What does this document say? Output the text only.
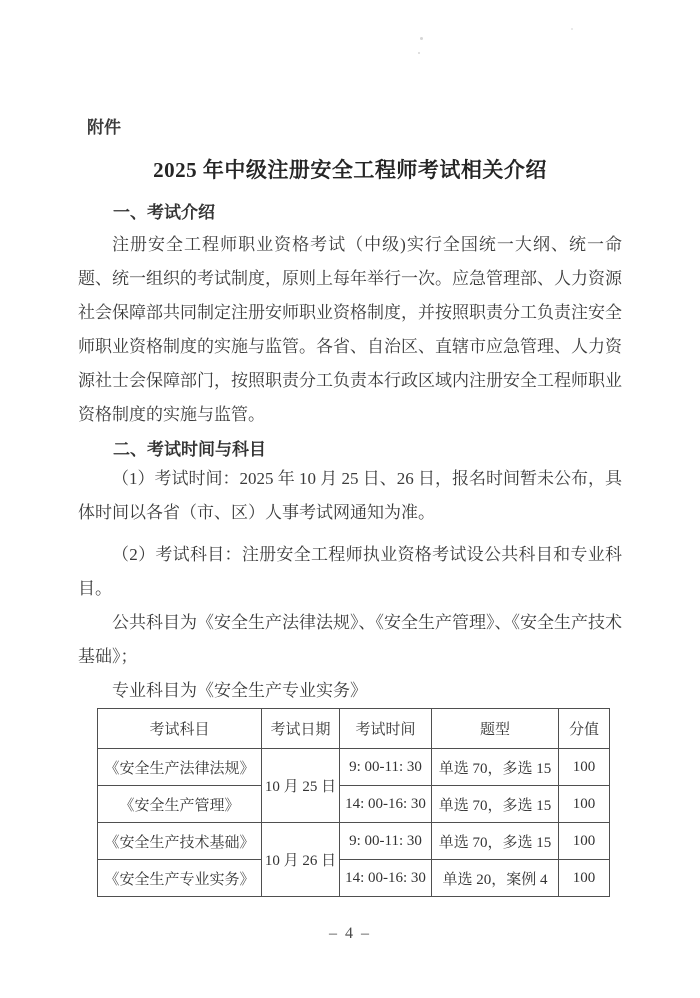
附件
2025 年中级注册安全工程师考试相关介绍
一、考试介绍

注册安全工程师职业资格考试（中级)实行全国统一大纲、统一命题、统一组织的考试制度，原则上每年举行一次。应急管理部、人力资源社会保障部共同制定注册安师职业资格制度，并按照职责分工负责注安全师职业资格制度的实施与监管。各省、自治区、直辖市应急管理、人力资源社士会保障部门，按照职责分工负责本行政区域内注册安全工程师职业资格制度的实施与监管。

二、考试时间与科目

（1）考试时间：2025 年 10 月 25 日、26 日，报名时间暂未公布，具体时间以各省（市、区）人事考试网通知为准。

（2）考试科目：注册安全工程师执业资格考试设公共科目和专业科目。

公共科目为《安全生产法律法规》、《安全生产管理》、《安全生产技术基础》；

专业科目为《安全生产专业实务》

考试科目	考试日期	考试时间	题型	分值
《安全生产法律法规》	10 月 25 日	9: 00-11: 30	单选 70，多选 15	100
《安全生产管理》		14: 00-16: 30	单选 70，多选 15	100
《安全生产技术基础》	10 月 26 日	9: 00-11: 30	单选 70，多选 15	100
《安全生产专业实务》		14: 00-16: 30	单选 20，案例 4	100
– 4 –
